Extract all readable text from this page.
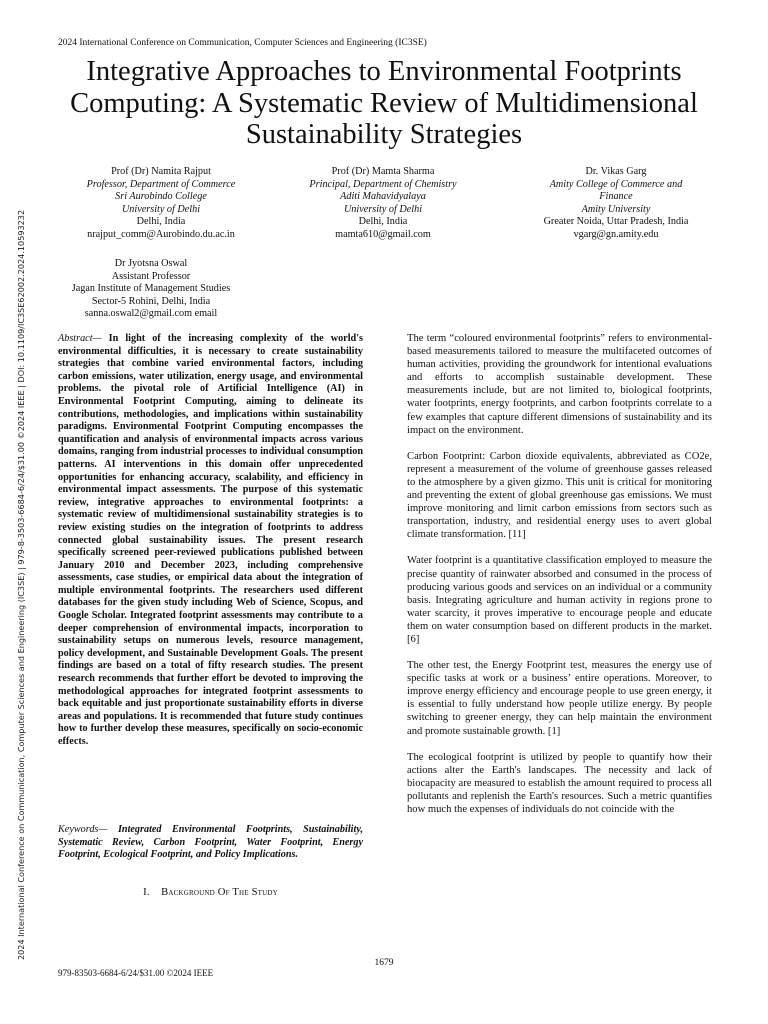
2024 International Conference on Communication, Computer Sciences and Engineering (IC3SE)
Integrative Approaches to Environmental Footprints Computing: A Systematic Review of Multidimensional Sustainability Strategies
2024 International Conference on Communication, Computer Sciences and Engineering (IC3SE) | 979-8-3503-6684-6/24/$31.00 ©2024 IEEE | DOI: 10.1109/IC3SE62002.2024.10593232
Prof (Dr) Namita Rajput
Professor, Department of Commerce
Sri Aurobindo College
University of Delhi
Delhi, India
nrajput_comm@Aurobindo.du.ac.in
Prof (Dr) Mamta Sharma
Principal, Department of Chemistry
Aditi Mahavidyalaya
University of Delhi
Delhi, India
mamta610@gmail.com
Dr. Vikas Garg
Amity College of Commerce and
Finance
Amity University
Greater Noida, Uttar Pradesh, India
vgarg@gn.amity.edu
Dr Jyotsna Oswal
Assistant Professor
Jagan Institute of Management Studies
Sector-5 Rohini, Delhi, India
sanna.oswal2@gmail.com email
Abstract— In light of the increasing complexity of the world's environmental difficulties, it is necessary to create sustainability strategies that combine varied environmental factors, including carbon emissions, water utilization, energy usage, and environmental problems. the pivotal role of Artificial Intelligence (AI) in Environmental Footprint Computing, aiming to delineate its contributions, methodologies, and implications within sustainability paradigms. Environmental Footprint Computing encompasses the quantification and analysis of environmental impacts across various domains, ranging from industrial processes to individual consumption patterns. AI interventions in this domain offer unprecedented opportunities for enhancing accuracy, scalability, and efficiency in environmental impact assessments. The purpose of this systematic review, integrative approaches to environmental footprints: a systematic review of multidimensional sustainability strategies is to review existing studies on the integration of footprints to address connected global sustainability issues. The present research specifically screened peer-reviewed publications published between January 2010 and December 2023, including comprehensive assessments, case studies, or empirical data about the integration of multiple environmental footprints. The researchers used different databases for the given study including Web of Science, Scopus, and Google Scholar. Integrated footprint assessments may contribute to a deeper comprehension of environmental impacts, incorporation to sustainability setups on numerous levels, resource management, policy development, and Sustainable Development Goals. The present findings are based on a total of fifty research studies. The present research recommends that further effort be devoted to improving the methodological approaches for integrated footprint assessments to back equitable and just proportionate sustainability efforts in diverse areas and populations. It is recommended that future study continues how to further develop these measures, specifically on socio-economic effects.
Keywords— Integrated Environmental Footprints, Sustainability, Systematic Review, Carbon Footprint, Water Footprint, Energy Footprint, Ecological Footprint, and Policy Implications.
I. Background Of The Study

The term “coloured environmental footprints” refers to environmental-based measurements tailored to measure the multifaceted outcomes of human activities, providing the groundwork for intentional evaluations and efforts to accomplish sustainable development. These measurements include, but are not limited to, biological footprints, water footprints, energy footprints, and carbon footprints correlate to a few examples that capture different dimensions of sustainability and its impact on the environment.

Carbon Footprint: Carbon dioxide equivalents, abbreviated as CO2e, represent a measurement of the volume of greenhouse gasses released to the atmosphere by a given gizmo. This unit is critical for monitoring and preventing the extent of global greenhouse gas emissions. We must improve monitoring and limit carbon emissions from sectors such as transportation, industry, and residential energy uses to avert global climate transformation. [11]

Water footprint is a quantitative classification employed to measure the precise quantity of rainwater absorbed and consumed in the process of producing various goods and services on an individual or a community basis. Integrating agriculture and human activity in regions prone to water scarcity, it proves imperative to encourage people and educate them on water consumption based on different products in the market. [6]

The other test, the Energy Footprint test, measures the energy use of specific tasks at work or a business’ entire operations. Moreover, to improve energy efficiency and encourage people to use green energy, it is essential to fully understand how people utilize energy. By people switching to greener energy, they can help maintain the environment and promote sustainable growth. [1]

The ecological footprint is utilized by people to quantify how their actions alter the Earth's landscapes. The necessity and lack of biocapacity are measured to establish the amount required to process all pollutants and replenish the Earth's resources. Such a metric quantifies how much the expenses of individuals do not coincide with the

1679
979-83503-6684-6/24/$31.00 ©2024 IEEE
